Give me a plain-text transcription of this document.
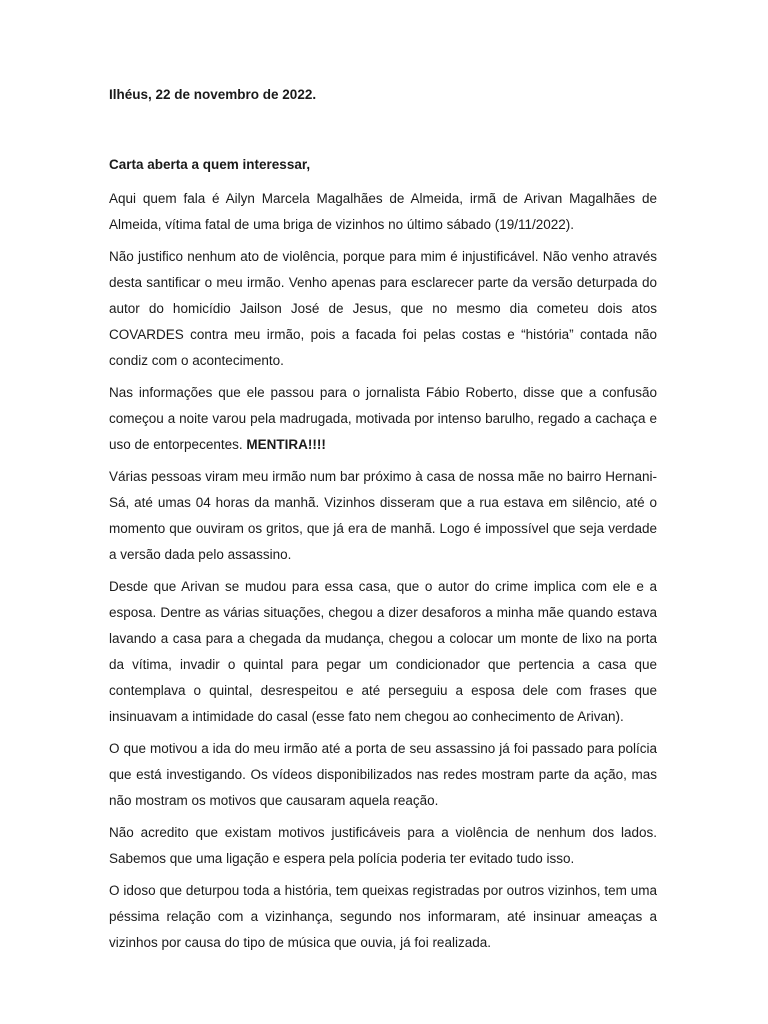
Ilhéus, 22 de novembro de 2022.

Carta aberta a quem interessar,

Aqui quem fala é Ailyn Marcela Magalhães de Almeida, irmã de Arivan Magalhães de Almeida, vítima fatal de uma briga de vizinhos no último sábado (19/11/2022).

Não justifico nenhum ato de violência, porque para mim é injustificável. Não venho através desta santificar o meu irmão. Venho apenas para esclarecer parte da versão deturpada do autor do homicídio Jailson José de Jesus, que no mesmo dia cometeu dois atos COVARDES contra meu irmão, pois a facada foi pelas costas e “história” contada não condiz com o acontecimento.

Nas informações que ele passou para o jornalista Fábio Roberto, disse que a confusão começou a noite varou pela madrugada, motivada por intenso barulho, regado a cachaça e uso de entorpecentes. MENTIRA!!!!

Várias pessoas viram meu irmão num bar próximo à casa de nossa mãe no bairro Hernani-Sá, até umas 04 horas da manhã. Vizinhos disseram que a rua estava em silêncio, até o momento que ouviram os gritos, que já era de manhã. Logo é impossível que seja verdade a versão dada pelo assassino.

Desde que Arivan se mudou para essa casa, que o autor do crime implica com ele e a esposa. Dentre as várias situações, chegou a dizer desaforos a minha mãe quando estava lavando a casa para a chegada da mudança, chegou a colocar um monte de lixo na porta da vítima, invadir o quintal para pegar um condicionador que pertencia a casa que contemplava o quintal, desrespeitou e até perseguiu a esposa dele com frases que insinuavam a intimidade do casal (esse fato nem chegou ao conhecimento de Arivan).

O que motivou a ida do meu irmão até a porta de seu assassino já foi passado para polícia que está investigando. Os vídeos disponibilizados nas redes mostram parte da ação, mas não mostram os motivos que causaram aquela reação.

Não acredito que existam motivos justificáveis para a violência de nenhum dos lados. Sabemos que uma ligação e espera pela polícia poderia ter evitado tudo isso.

O idoso que deturpou toda a história, tem queixas registradas por outros vizinhos, tem uma péssima relação com a vizinhança, segundo nos informaram, até insinuar ameaças a vizinhos por causa do tipo de música que ouvia, já foi realizada.
